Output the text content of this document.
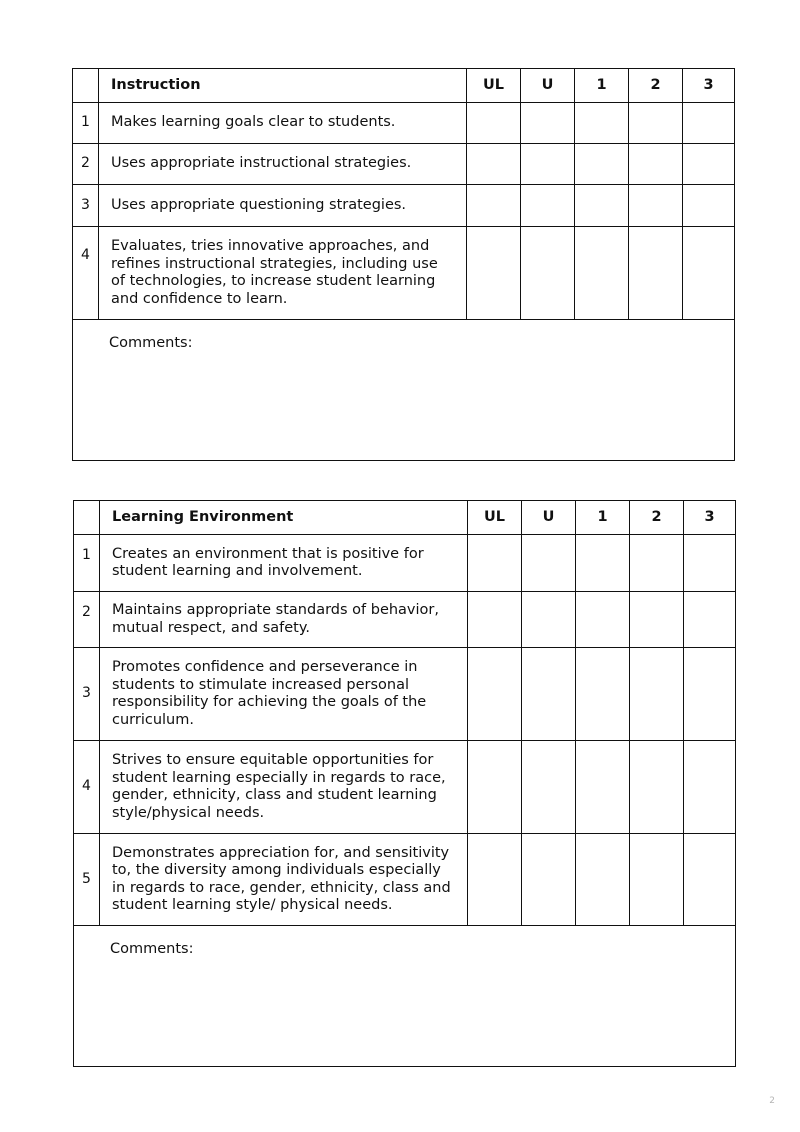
	Instruction	UL	U	1	2	3
1	Makes learning goals clear to students.					
2	Uses appropriate instructional strategies.					
3	Uses appropriate questioning strategies.					
4	Evaluates, tries innovative approaches, and refines instructional strategies, including use of technologies, to increase student learning and confidence to learn.					
Comments:						
	Learning Environment	UL	U	1	2	3
1	Creates an environment that is positive for student learning and involvement.					
2	Maintains appropriate standards of behavior, mutual respect, and safety.					
3	Promotes confidence and perseverance in students to stimulate increased personal responsibility for achieving the goals of the curriculum.					
4	Strives to ensure equitable opportunities for student learning especially in regards to race, gender, ethnicity, class and student learning style/physical needs.					
5	Demonstrates appreciation for, and sensitivity to, the diversity among individuals especially in regards to race, gender, ethnicity, class and student learning style/ physical needs.					
Comments:						
2
